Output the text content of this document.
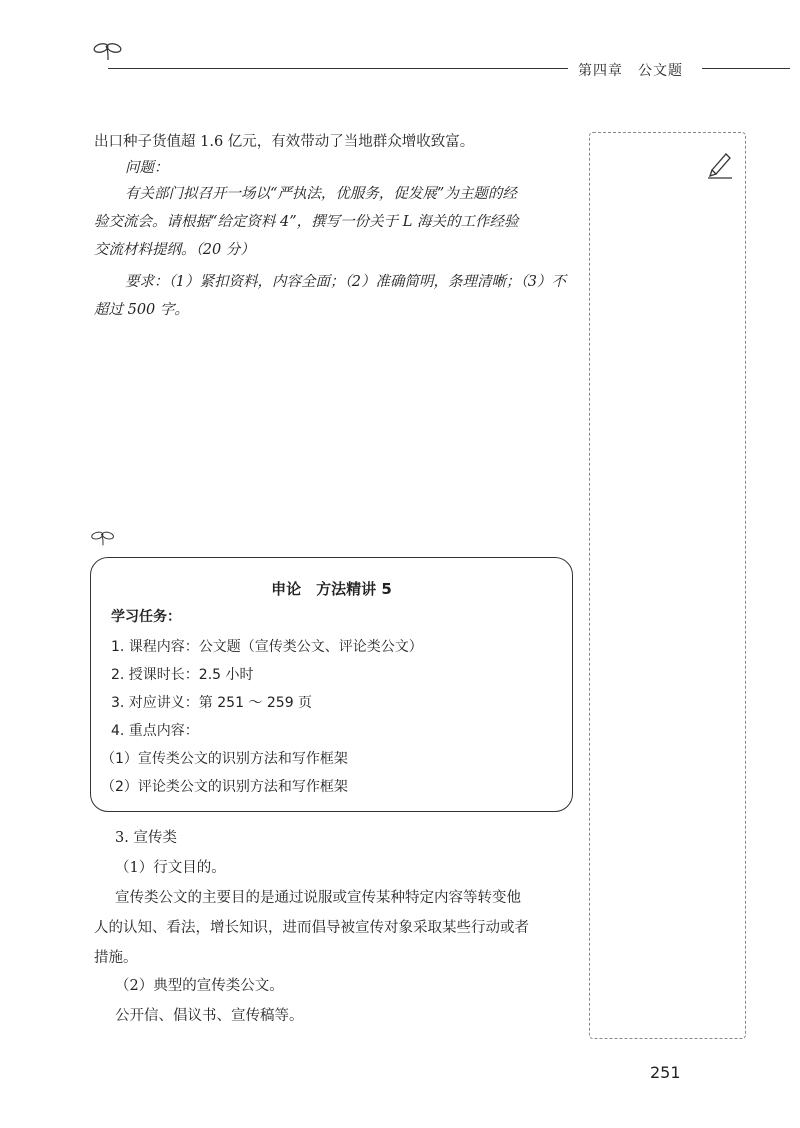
第四章　公文题
出口种子货值超 1.6 亿元，有效带动了当地群众增收致富。
问题：
有关部门拟召开一场以“严执法，优服务，促发展”为主题的经
验交流会。请根据“给定资料 4”，撰写一份关于 L 海关的工作经验
交流材料提纲。（20 分）
要求：（1）紧扣资料，内容全面；（2）准确简明，条理清晰；（3）不
超过 500 字。
申论　方法精讲 5
学习任务：
1. 课程内容：公文题（宣传类公文、评论类公文）
2. 授课时长：2.5 小时
3. 对应讲义：第 251 ～ 259 页
4. 重点内容：
（1）宣传类公文的识别方法和写作框架
（2）评论类公文的识别方法和写作框架
3. 宣传类
（1）行文目的。
宣传类公文的主要目的是通过说服或宣传某种特定内容等转变他
人的认知、看法，增长知识，进而倡导被宣传对象采取某些行动或者
措施。
（2）典型的宣传类公文。
公开信、倡议书、宣传稿等。
251
